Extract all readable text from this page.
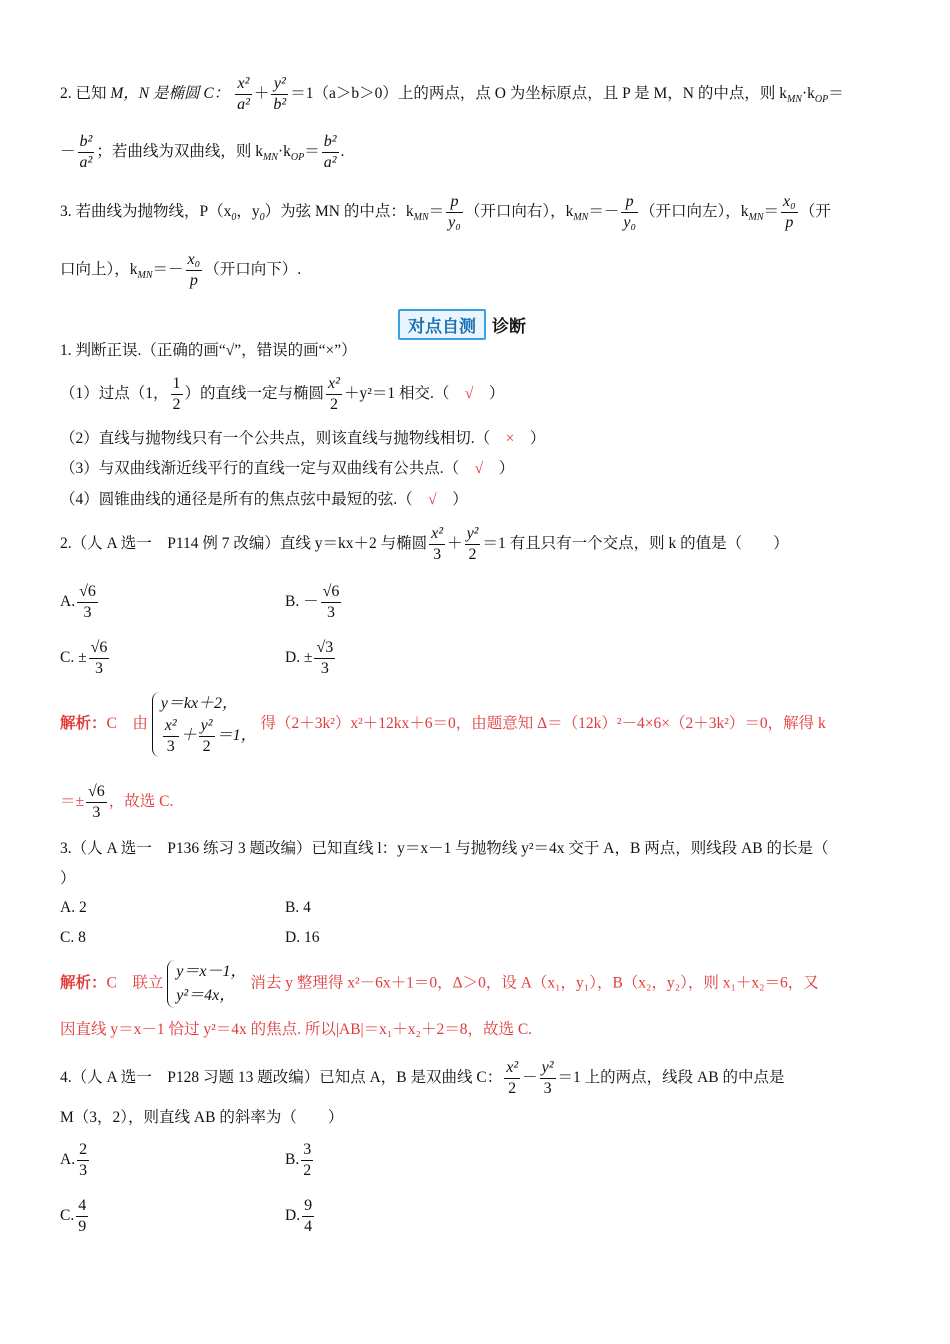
2. 已知 M，N 是椭圆 C： $\frac{\text{x²}}{\text{a²}} + \frac{\text{y²}}{\text{b²}} =1(a>b>0)$上的两点，点 O 为坐标原点，且 P 是 M，N 的中点，则 $k_{MN}\cdot k_{OP}=$
－ $\frac{\text{b²}}{\text{a²}}$ ；若曲线为双曲线，则 $k_{MN}\cdot k_{OP}= \frac{\text{b²}}{\text{a²}}$ .
3. 若曲线为抛物线，$P(x_0$，$y_0$）为弦 MN 的中点：$k_{MN}= \frac{p}{\text{y₀}}$ （开口向右），$k_{MN}=- \frac{p}{\text{y₀}}$ （开口向左），$k_{MN}= \frac{\text{x₀}}{p}$ （开
口向上），$k_{MN}=- \frac{\text{x₀}}{p}$ （开口向下）.
对点自测 诊断
1. 判断正误.（正确的画“√”，错误的画“×”）
（1）过点（1， $\frac{1}{2}$ ）的直线一定与椭圆 $\frac{\text{x²}}{2} +y^2=1$ 相交.（　 √　 ）
（2）直线与抛物线只有一个公共点，则该直线与抛物线相切.（　 ×　 ）
（3）与双曲线渐近线平行的直线一定与双曲线有公共点.（　 √　 ）
（4）圆锥曲线的通径是所有的焦点弦中最短的弦.（　 √　 ）
2.（人 A 选一　P114 例 7 改编）直线 y＝kx＋2 与椭圆 $\frac{\text{x²}}{3} + \frac{\text{y²}}{2} =1$ 有且只有一个交点，则 k 的值是（　　）
A. $\frac{√6}{3}$	B. － $\frac{√6}{3}$
C. ± $\frac{√6}{3}$	D. ± $\frac{√3}{3}$
解析：C　由
y＝kx＋2，
$\frac{\text{x²}}{3} + \frac{\text{y²}}{2} =1$，
得（2＋3k²）x²＋12kx＋6＝0，由题意知 Δ＝（12k）²－4×6×（2＋3k²）＝0，解得 k
＝± $\frac{√6}{3}$ ，故选 C.
3.（人 A 选一　P136 练习 3 题改编）已知直线 l：y＝x－1 与抛物线 y²＝4x 交于 A，B 两点，则线段 AB 的长是（
）
A. 2	B. 4
C. 8	D. 16
解析：C　联立
y＝x－1，
y²＝4x，
消去 y 整理得 x²－6x＋1＝0，Δ＞0，设 A（x₁，y₁），B（x₂，y₂），则 x₁＋x₂＝6，又
因直线 y＝x－1 恰过 y²＝4x 的焦点. 所以|AB|＝x₁＋x₂＋2＝8，故选 C.
4.（人 A 选一　P128 习题 13 题改编）已知点 A，B 是双曲线 C： $\frac{\text{x²}}{2} - \frac{\text{y²}}{3} =1$ 上的两点，线段 AB 的中点是
M（3，2），则直线 AB 的斜率为（　　）
A. $\frac{2}{3}$	B. $\frac{3}{2}$
C. $\frac{4}{9}$	D. $\frac{9}{4}$
